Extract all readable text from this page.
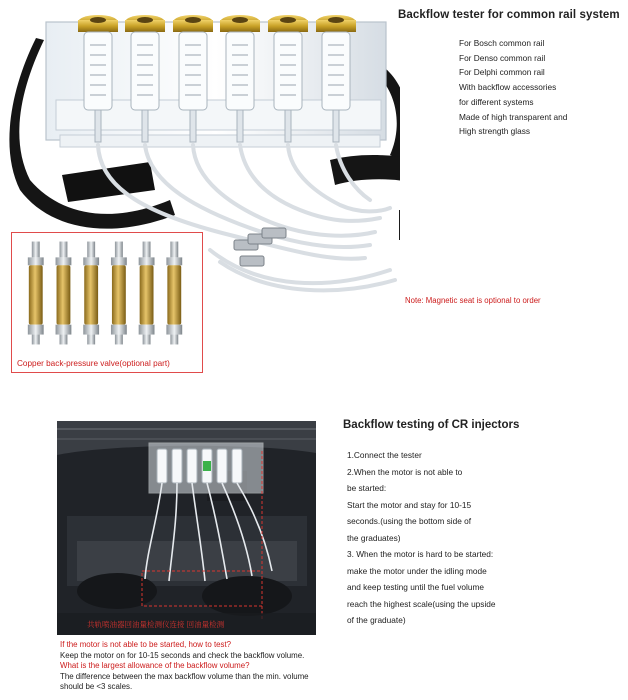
Backflow tester for common rail system
For Bosch common rail
For Denso common rail
For Delphi common rail
With backflow accessories
for different systems
Made of high transparent and
High strength glass
Note: Magnetic seat is optional to order
Copper back-pressure valve(optional part)
Backflow testing of CR injectors
共轨喷油器回油量检测仪连接 回油量检测
1.Connect the tester
2.When the motor is not able to
be started:
Start the motor and stay for 10-15
seconds.(using the bottom side of
the graduates)
3. When the motor is hard to be started:
make the motor under the idling mode
and keep testing until the fuel volume
reach the highest scale(using the upside
of the graduate)
If the motor is not able to be started, how to test?
Keep the motor on for 10-15 seconds and check the backflow volume.
What is the largest allowance of the backflow volume?
The difference between the max backflow volume than the min. volume
should be <3 scales.
